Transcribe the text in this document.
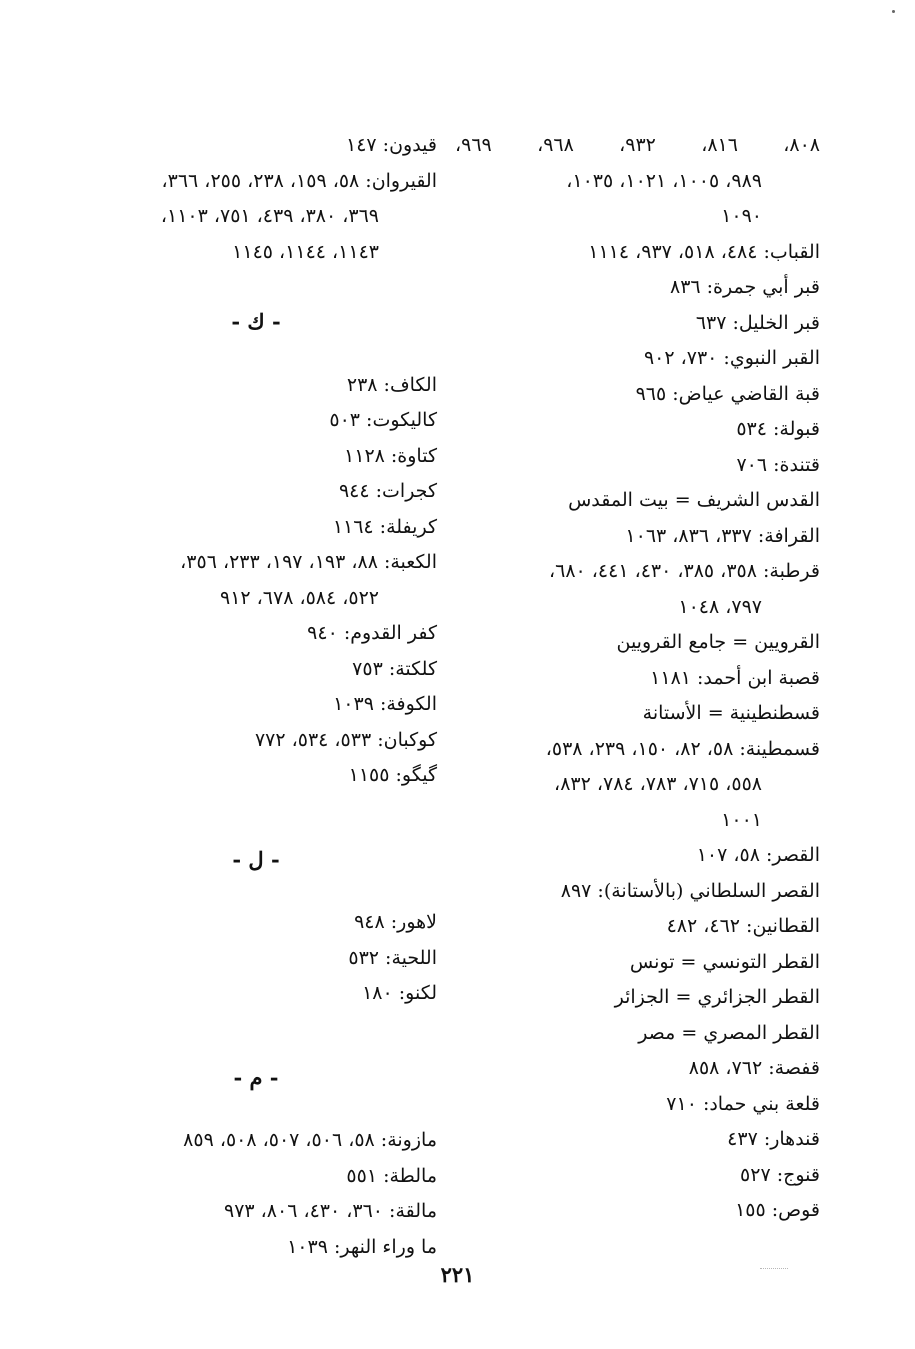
٨٠٨، ٨١٦، ٩٣٢، ٩٦٨، ٩٦٩،

٩٨٩، ١٠٠٥، ١٠٢١، ١٠٣٥،

١٠٩٠

القباب: ٤٨٤، ٥١٨، ٩٣٧، ١١١٤

قبر أبي جمرة: ٨٣٦

قبر الخليل: ٦٣٧

القبر النبوي: ٧٣٠، ٩٠٢

قبة القاضي عياض: ٩٦٥

قبولة: ٥٣٤

قتندة: ٧٠٦

القدس الشريف = بيت المقدس

القرافة: ٣٣٧، ٨٣٦، ١٠٦٣

قرطبة: ٣٥٨، ٣٨٥، ٤٣٠، ٤٤١، ٦٨٠،

٧٩٧، ١٠٤٨

القرويين = جامع القرويين

قصبة ابن أحمد: ١١٨١

قسطنطينية = الأستانة

قسمطينة: ٥٨، ٨٢، ١٥٠، ٢٣٩، ٥٣٨،

٥٥٨، ٧١٥، ٧٨٣، ٧٨٤، ٨٣٢،

١٠٠١

القصر: ٥٨، ١٠٧

القصر السلطاني (بالأستانة): ٨٩٧

القطانين: ٤٦٢، ٤٨٢

القطر التونسي = تونس

القطر الجزائري = الجزائر

القطر المصري = مصر

قفصة: ٧٦٢، ٨٥٨

قلعة بني حماد: ٧١٠

قندهار: ٤٣٧

قنوج: ٥٢٧

قوص: ١٥٥

قيدون: ١٤٧

القيروان: ٥٨، ١٥٩، ٢٣٨، ٢٥٥، ٣٦٦،

٣٦٩، ٣٨٠، ٤٣٩، ٧٥١، ١١٠٣،

١١٤٣، ١١٤٤، ١١٤٥

- ك -

الكاف: ٢٣٨

كاليكوت: ٥٠٣

كتاوة: ١١٢٨

كجرات: ٩٤٤

كريفلة: ١١٦٤

الكعبة: ٨٨، ١٩٣، ١٩٧، ٢٣٣، ٣٥٦،

٥٢٢، ٥٨٤، ٦٧٨، ٩١٢

كفر القدوم: ٩٤٠

كلكتة: ٧٥٣

الكوفة: ١٠٣٩

كوكبان: ٥٣٣، ٥٣٤، ٧٧٢

گيگو: ١١٥٥

- ل -

لاهور: ٩٤٨

اللحية: ٥٣٢

لكنو: ١٨٠

- م -

مازونة: ٥٨، ٥٠٦، ٥٠٧، ٥٠٨، ٨٥٩

مالطة: ٥٥١

مالقة: ٣٦٠، ٤٣٠، ٨٠٦، ٩٧٣

ما وراء النهر: ١٠٣٩

٢٢١
